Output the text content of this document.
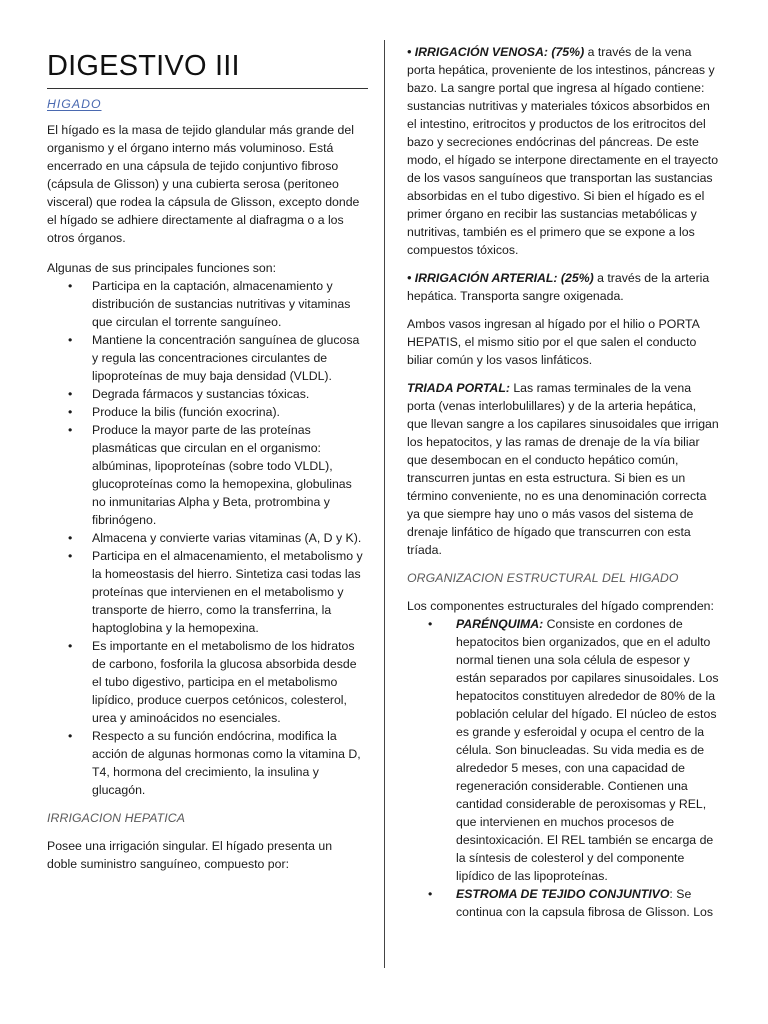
DIGESTIVO III
HIGADO

El hígado es la masa de tejido glandular más grande del organismo y el órgano interno más voluminoso. Está encerrado en una cápsula de tejido conjuntivo fibroso (cápsula de Glisson) y una cubierta serosa (peritoneo visceral) que rodea la cápsula de Glisson, excepto donde el hígado se adhiere directamente al diafragma o a los otros órganos.

Algunas de sus principales funciones son:

• Participa en la captación, almacenamiento y distribución de sustancias nutritivas y vitaminas que circulan el torrente sanguíneo.
• Mantiene la concentración sanguínea de glucosa y regula las concentraciones circulantes de lipoproteínas de muy baja densidad (VLDL).
• Degrada fármacos y sustancias tóxicas.
• Produce la bilis (función exocrina).
• Produce la mayor parte de las proteínas plasmáticas que circulan en el organismo: albúminas, lipoproteínas (sobre todo VLDL), glucoproteínas como la hemopexina, globulinas no inmunitarias Alpha y Beta, protrombina y fibrinógeno.
• Almacena y convierte varias vitaminas (A, D y K).
• Participa en el almacenamiento, el metabolismo y la homeostasis del hierro. Sintetiza casi todas las proteínas que intervienen en el metabolismo y transporte de hierro, como la transferrina, la haptoglobina y la hemopexina.
• Es importante en el metabolismo de los hidratos de carbono, fosforila la glucosa absorbida desde el tubo digestivo, participa en el metabolismo lipídico, produce cuerpos cetónicos, colesterol, urea y aminoácidos no esenciales.
• Respecto a su función endócrina, modifica la acción de algunas hormonas como la vitamina D, T4, hormona del crecimiento, la insulina y glucagón.
IRRIGACION HEPATICA

Posee una irrigación singular. El hígado presenta un doble suministro sanguíneo, compuesto por:

• IRRIGACIÓN VENOSA: (75%) a través de la vena porta hepática, proveniente de los intestinos, páncreas y bazo. La sangre portal que ingresa al hígado contiene: sustancias nutritivas y materiales tóxicos absorbidos en el intestino, eritrocitos y productos de los eritrocitos del bazo y secreciones endócrinas del páncreas. De este modo, el hígado se interpone directamente en el trayecto de los vasos sanguíneos que transportan las sustancias absorbidas en el tubo digestivo. Si bien el hígado es el primer órgano en recibir las sustancias metabólicas y nutritivas, también es el primero que se expone a los compuestos tóxicos.

• IRRIGACIÓN ARTERIAL: (25%) a través de la arteria hepática. Transporta sangre oxigenada.

Ambos vasos ingresan al hígado por el hilio o PORTA HEPATIS, el mismo sitio por el que salen el conducto biliar común y los vasos linfáticos.

TRIADA PORTAL: Las ramas terminales de la vena porta (venas interlobulillares) y de la arteria hepática, que llevan sangre a los capilares sinusoidales que irrigan los hepatocitos, y las ramas de drenaje de la vía biliar que desembocan en el conducto hepático común, transcurren juntas en esta estructura. Si bien es un término conveniente, no es una denominación correcta ya que siempre hay uno o más vasos del sistema de drenaje linfático de hígado que transcurren con esta tríada.

ORGANIZACION ESTRUCTURAL DEL HIGADO

Los componentes estructurales del hígado comprenden:

• PARÉNQUIMA: Consiste en cordones de hepatocitos bien organizados, que en el adulto normal tienen una sola célula de espesor y están separados por capilares sinusoidales. Los hepatocitos constituyen alrededor de 80% de la población celular del hígado. El núcleo de estos es grande y esferoidal y ocupa el centro de la célula. Son binucleadas. Su vida media es de alrededor 5 meses, con una capacidad de regeneración considerable. Contienen una cantidad considerable de peroxisomas y REL, que intervienen en muchos procesos de desintoxicación. El REL también se encarga de la síntesis de colesterol y del componente lipídico de las lipoproteínas.
• ESTROMA DE TEJIDO CONJUNTIVO: Se continua con la capsula fibrosa de Glisson. Los
